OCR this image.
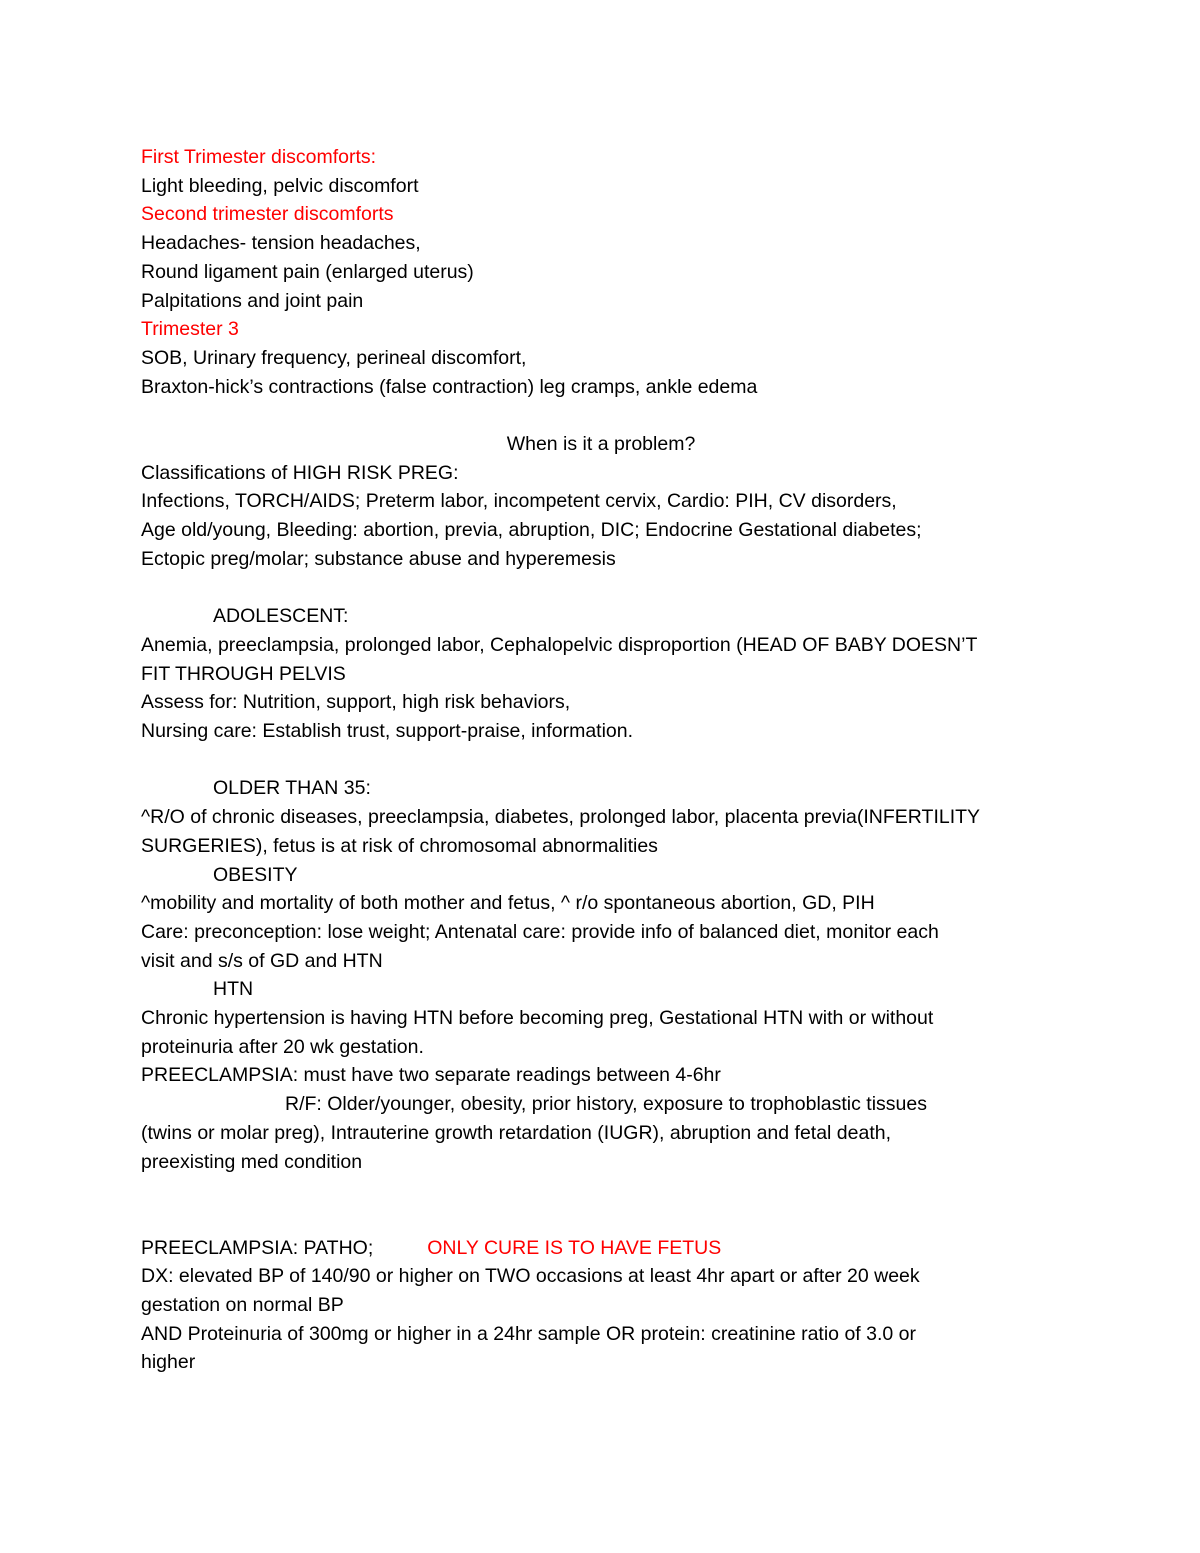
First Trimester discomforts:
Light bleeding, pelvic discomfort
Second trimester discomforts
Headaches- tension headaches,
Round ligament pain (enlarged uterus)
Palpitations and joint pain
Trimester 3
SOB, Urinary frequency, perineal discomfort,
Braxton-hick’s contractions (false contraction) leg cramps, ankle edema
When is it a problem?
Classifications of HIGH RISK PREG:
Infections, TORCH/AIDS; Preterm labor, incompetent cervix, Cardio: PIH, CV disorders,
Age old/young, Bleeding: abortion, previa, abruption, DIC; Endocrine Gestational diabetes;
Ectopic preg/molar; substance abuse and hyperemesis
ADOLESCENT:
Anemia, preeclampsia, prolonged labor, Cephalopelvic disproportion (HEAD OF BABY DOESN’T
FIT THROUGH PELVIS
Assess for: Nutrition, support, high risk behaviors,
Nursing care: Establish trust, support-praise, information.
OLDER THAN 35:
^R/O of chronic diseases, preeclampsia, diabetes, prolonged labor, placenta previa(INFERTILITY
SURGERIES), fetus is at risk of chromosomal abnormalities
OBESITY
^mobility and mortality of both mother and fetus, ^ r/o spontaneous abortion, GD, PIH
Care: preconception: lose weight; Antenatal care: provide info of balanced diet, monitor each
visit and s/s of GD and HTN
HTN
Chronic hypertension is having HTN before becoming preg, Gestational HTN with or without
proteinuria after 20 wk gestation.
PREECLAMPSIA: must have two separate readings between 4-6hr
R/F: Older/younger, obesity, prior history, exposure to trophoblastic tissues
(twins or molar preg), Intrauterine growth retardation (IUGR), abruption and fetal death,
preexisting med condition
PREECLAMPSIA: PATHO;	ONLY CURE IS TO HAVE FETUS
DX: elevated BP of 140/90 or higher on TWO occasions at least 4hr apart or after 20 week
gestation on normal BP
AND Proteinuria of 300mg or higher in a 24hr sample OR protein: creatinine ratio of 3.0 or
higher
